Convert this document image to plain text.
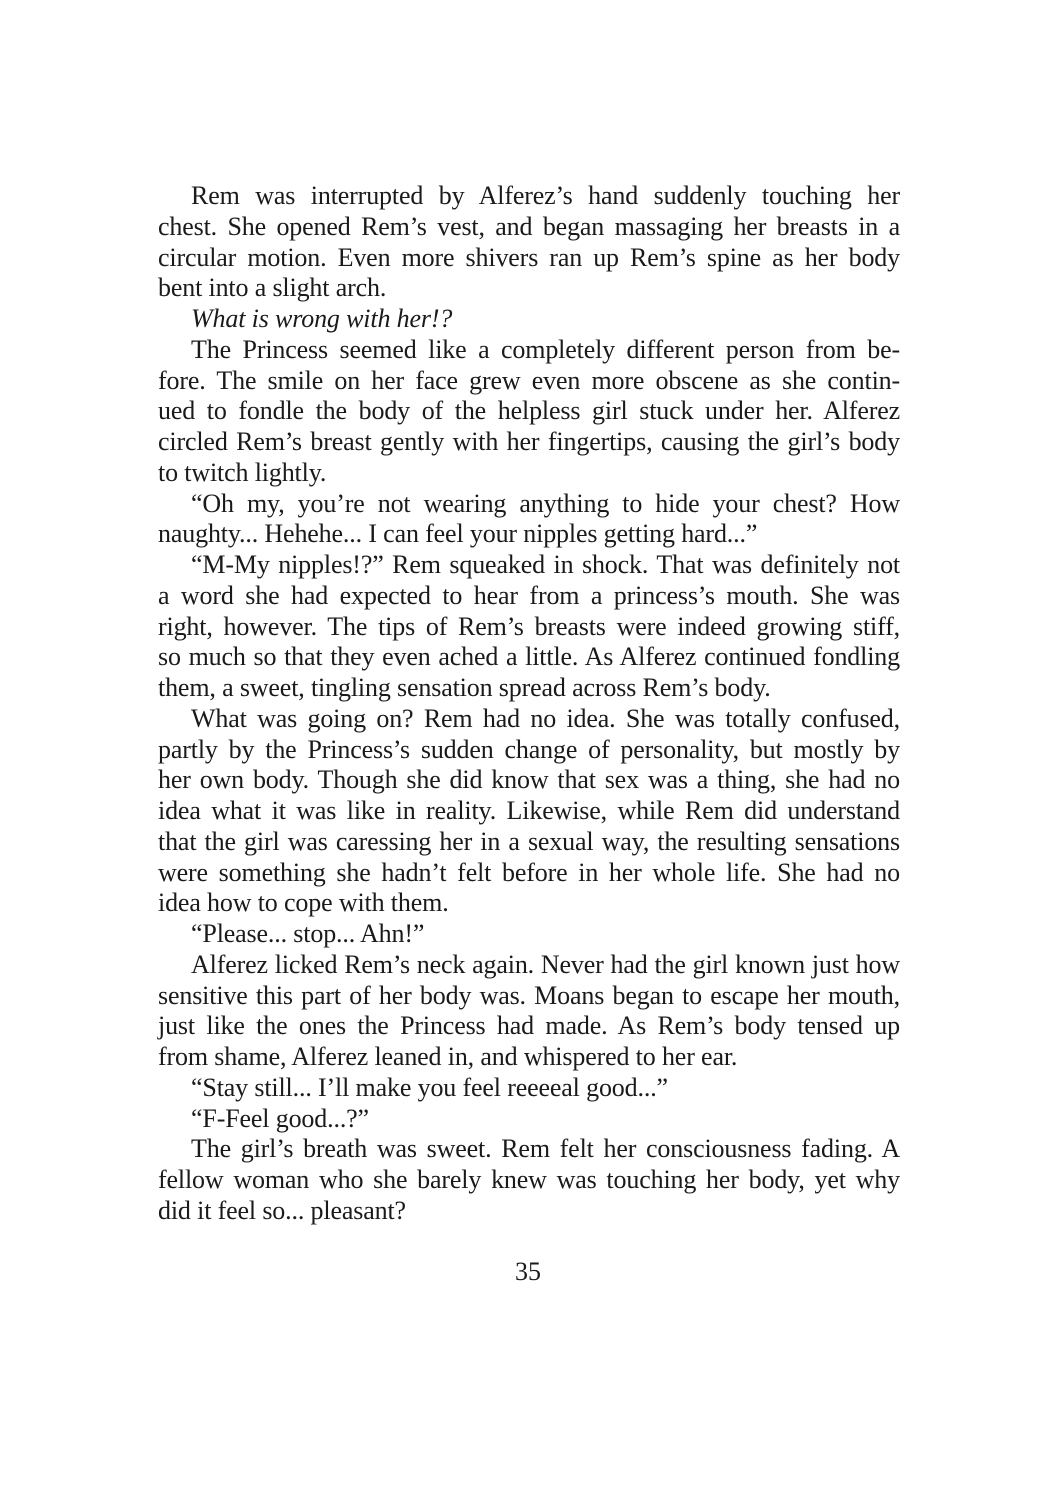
Rem was interrupted by Alferez’s hand suddenly touching her
chest. She opened Rem’s vest, and began massaging her breasts in a
circular motion. Even more shivers ran up Rem’s spine as her body
bent into a slight arch.
What is wrong with her!?
The Princess seemed like a completely different person from be-
fore. The smile on her face grew even more obscene as she contin-
ued to fondle the body of the helpless girl stuck under her. Alferez
circled Rem’s breast gently with her fingertips, causing the girl’s body
to twitch lightly.
“Oh my, you’re not wearing anything to hide your chest? How
naughty... Hehehe... I can feel your nipples getting hard...”
“M-My nipples!?” Rem squeaked in shock. That was definitely not
a word she had expected to hear from a princess’s mouth. She was
right, however. The tips of Rem’s breasts were indeed growing stiff,
so much so that they even ached a little. As Alferez continued fondling
them, a sweet, tingling sensation spread across Rem’s body.
What was going on? Rem had no idea. She was totally confused,
partly by the Princess’s sudden change of personality, but mostly by
her own body. Though she did know that sex was a thing, she had no
idea what it was like in reality. Likewise, while Rem did understand
that the girl was caressing her in a sexual way, the resulting sensations
were something she hadn’t felt before in her whole life. She had no
idea how to cope with them.
“Please... stop... Ahn!”
Alferez licked Rem’s neck again. Never had the girl known just how
sensitive this part of her body was. Moans began to escape her mouth,
just like the ones the Princess had made. As Rem’s body tensed up
from shame, Alferez leaned in, and whispered to her ear.
“Stay still... I’ll make you feel reeeeal good...”
“F-Feel good...?”
The girl’s breath was sweet. Rem felt her consciousness fading. A
fellow woman who she barely knew was touching her body, yet why
did it feel so... pleasant?
35
